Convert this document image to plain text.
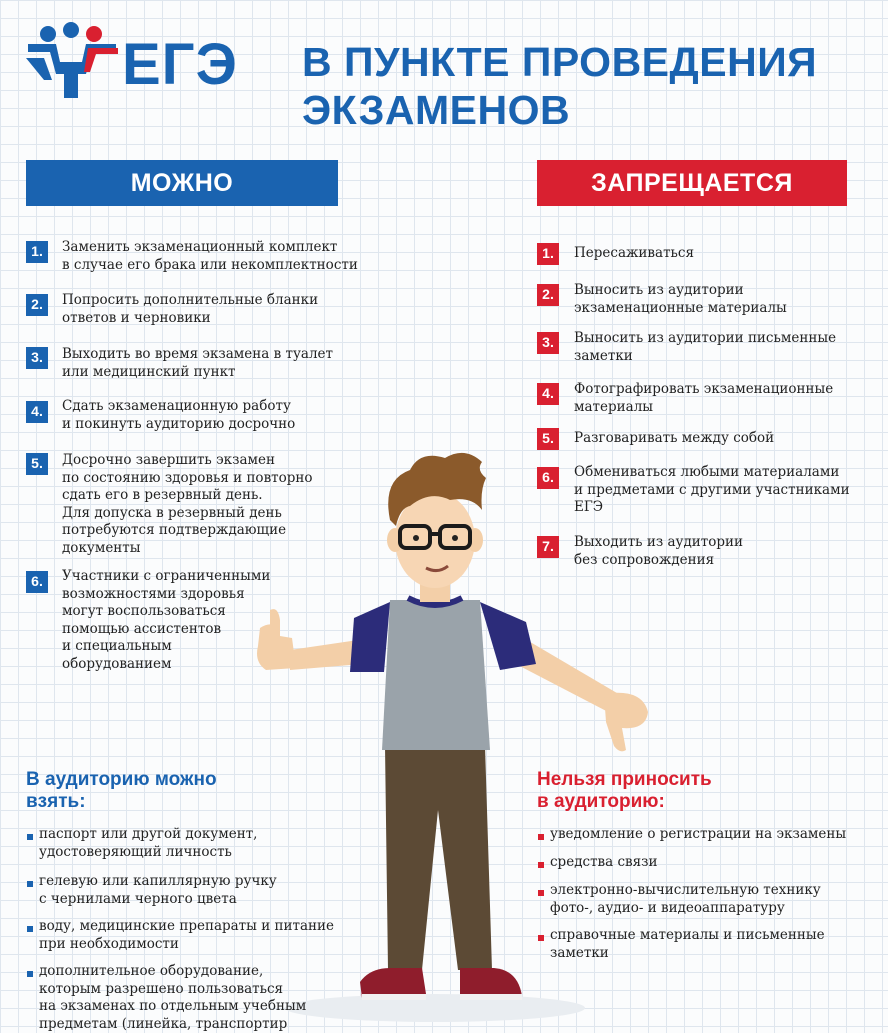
ЕГЭ В ПУНКТЕ ПРОВЕДЕНИЯ
ЭКЗАМЕНОВ
МОЖНО	ЗАПРЕЩАЕТСЯ
1.	Заменить экзаменационный комплект
в случае его брака или некомплектности
2.	Попросить дополнительные бланки
ответов и черновики
3.	Выходить во время экзамена в туалет
или медицинский пункт
4.	Сдать экзаменационную работу
и покинуть аудиторию досрочно
5.	Досрочно завершить экзамен
по состоянию здоровья и повторно
сдать его в резервный день.
Для допуска в резервный день
потребуются подтверждающие
документы
6.	Участники с ограниченными
возможностями здоровья
могут воспользоваться
помощью ассистентов
и специальным
оборудованием
1.	Пересаживаться
2.	Выносить из аудитории
экзаменационные материалы
3.	Выносить из аудитории письменные
заметки
4.	Фотографировать экзаменационные
материалы
5.	Разговаривать между собой
6.	Обмениваться любыми материалами
и предметами с другими участниками
ЕГЭ
7.	Выходить из аудитории
без сопровождения
В аудиторию можно
взять:
паспорт или другой документ,
удостоверяющий личность
гелевую или капиллярную ручку
с чернилами черного цвета
воду, медицинские препараты и питание
при необходимости
дополнительное оборудование,
которым разрешено пользоваться
на экзаменах по отдельным учебным
предметам (линейка, транспортир
Нельзя приносить
в аудиторию:
уведомление о регистрации на экзамены
средства связи
электронно-вычислительную технику
фото-, аудио- и видеоаппаратуру
справочные материалы и письменные
заметки
